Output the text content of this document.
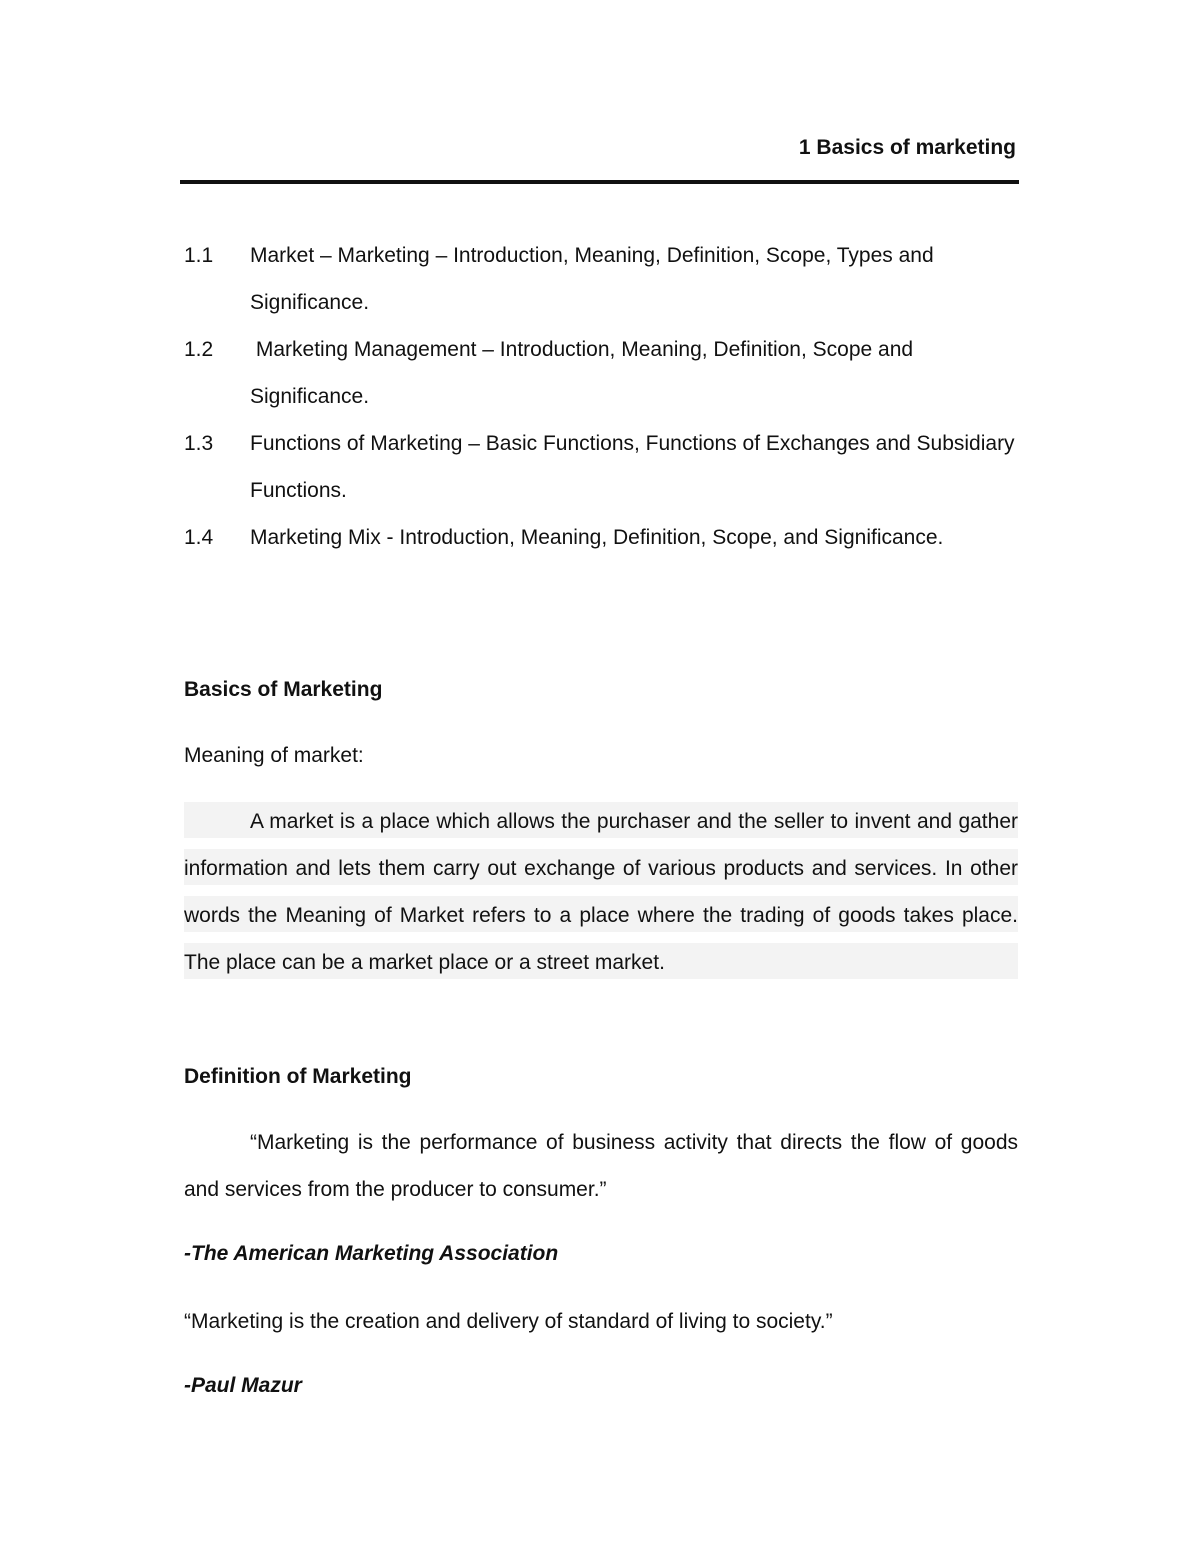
1 Basics of marketing
1.1	Market – Marketing – Introduction, Meaning, Definition, Scope, Types and Significance.
1.2	Marketing Management – Introduction, Meaning, Definition, Scope and Significance.
1.3	Functions of Marketing – Basic Functions, Functions of Exchanges and Subsidiary Functions.
1.4	Marketing Mix - Introduction, Meaning, Definition, Scope, and Significance.
Basics of Marketing
Meaning of market:
A market is a place which allows the purchaser and the seller to invent and gather information and lets them carry out exchange of various products and services. In other words the Meaning of Market refers to a place where the trading of goods takes place. The place can be a market place or a street market.
Definition of Marketing
“Marketing is the performance of business activity that directs the flow of goods and services from the producer to consumer.”
-The American Marketing Association
“Marketing is the creation and delivery of standard of living to society.”
-Paul Mazur
